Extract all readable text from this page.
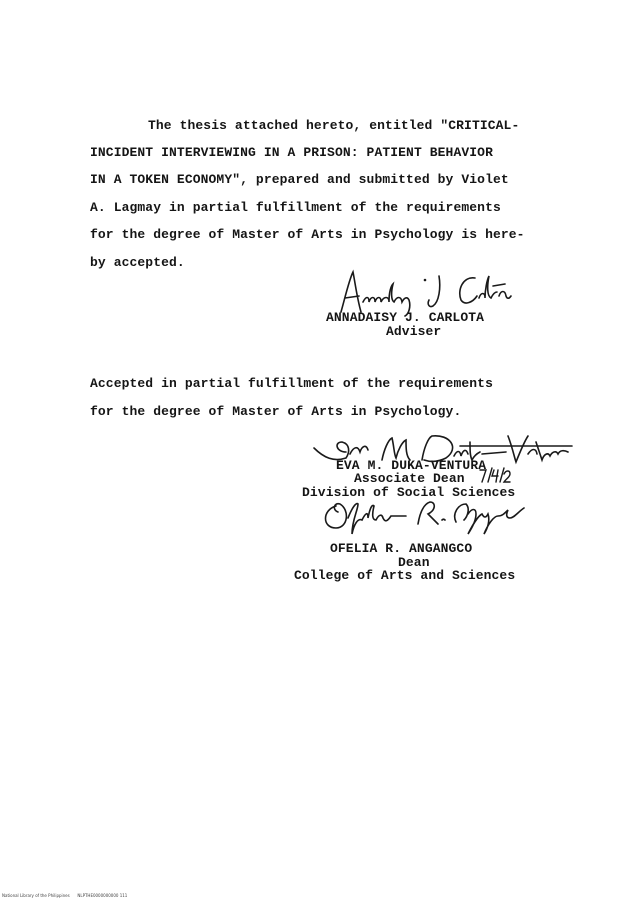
The thesis attached hereto, entitled "CRITICAL-
INCIDENT INTERVIEWING IN A PRISON: PATIENT BEHAVIOR
IN A TOKEN ECONOMY", prepared and submitted by Violet
A. Lagmay in partial fulfillment of the requirements
for the degree of Master of Arts in Psychology is here-
by accepted.
ANNADAISY J. CARLOTA
Adviser
Accepted in partial fulfillment of the requirements
for the degree of Master of Arts in Psychology.
EVA M. DUKA-VENTURA
Associate Dean
Division of Social Sciences
OFELIA R. ANGANGCO
Dean
College of Arts and Sciences
National Library of the Philippines NLPTHE0000000000 111
